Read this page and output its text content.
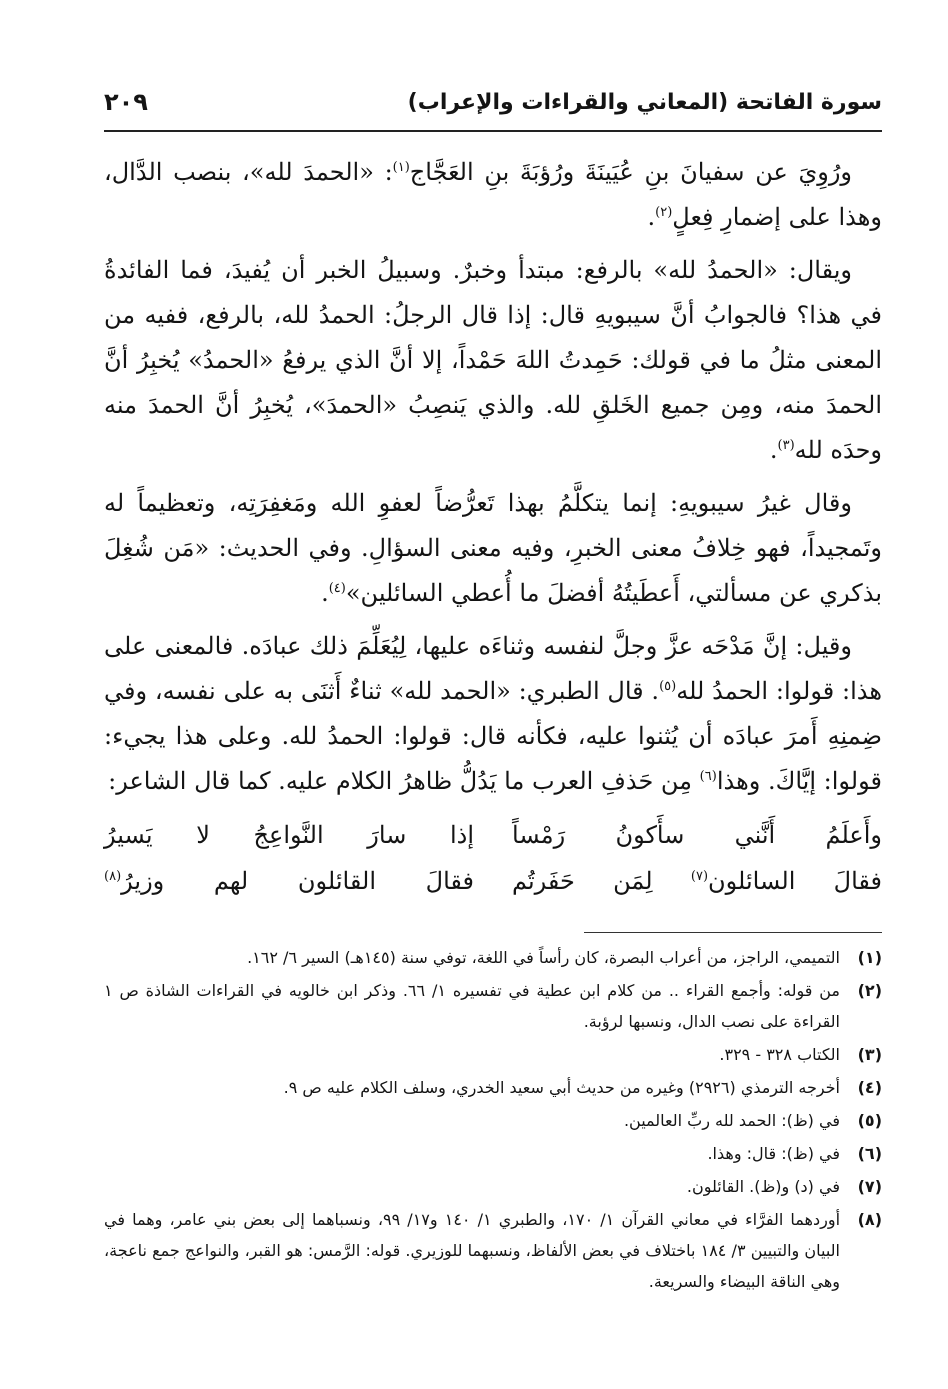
سورة الفاتحة (المعاني والقراءات والإعراب)
٢٠٩

ورُوِيَ عن سفيانَ بنِ عُيَينَةَ ورُؤبَةَ بنِ العَجَّاج$^{(١)}$: «الحمدَ لله»، بنصب الدَّال، وهذا على إضمارِ فِعلٍ$^{(٢)}$.

ويقال: «الحمدُ لله» بالرفع: مبتدأ وخبرٌ. وسبيلُ الخبر أن يُفيدَ، فما الفائدةُ في هذا؟ فالجوابُ أنَّ سيبويهِ قال: إذا قال الرجلُ: الحمدُ لله، بالرفع، ففيه من المعنى مثلُ ما في قولك: حَمِدتُ اللهَ حَمْداً، إلا أنَّ الذي يرفعُ «الحمدُ» يُخبِرُ أنَّ الحمدَ منه، ومِن جميع الخَلقِ لله. والذي يَنصِبُ «الحمدَ»، يُخبِرُ أنَّ الحمدَ منه وحدَه لله$^{(٣)}$.

وقال غيرُ سيبويهِ: إنما يتكلَّمُ بهذا تَعرُّضاً لعفوِ الله ومَغفِرَتِه، وتعظيماً له وتَمجيداً، فهو خِلافُ معنى الخبرِ، وفيه معنى السؤالِ. وفي الحديث: «مَن شُغِلَ بذكري عن مسألتي، أَعطَيتُهُ أفضلَ ما أُعطي السائلين»$^{(٤)}$.

وقيل: إنَّ مَدْحَه عزَّ وجلَّ لنفسه وثناءَه عليها، لِيُعَلِّمَ ذلك عبادَه. فالمعنى على هذا: قولوا: الحمدُ لله$^{(٥)}$. قال الطبري: «الحمد لله» ثناءٌ أَثنَى به على نفسه، وفي ضِمنِهِ أَمرَ عبادَه أن يُثنوا عليه، فكأنه قال: قولوا: الحمدُ لله. وعلى هذا يجيء: قولوا: إيَّاكَ. وهذا$^{(٦)}$ مِن حَذفِ العرب ما يَدُلُّ ظاهرُ الكلام عليه. كما قال الشاعر:

وأَعلَمُ أَنَّني سأَكونُ رَمْساً
إذا سارَ النَّواعِجُ لا يَسيرُ
فقالَ السائلون$^{(٧)}$ لِمَن حَفَرتُم
فقالَ القائلون لهم وزيرُ$^{(٨)}$
(١)
التميمي، الراجز، من أعراب البصرة، كان رأساً في اللغة، توفي سنة (١٤٥هـ) السير ٦/ ١٦٢.
(٢)
من قوله: وأجمع القراء .. من كلام ابن عطية في تفسيره ١/ ٦٦. وذكر ابن خالويه في القراءات الشاذة ص ١ القراءة على نصب الدال، ونسبها لرؤبة.
(٣)
الكتاب ٣٢٨ - ٣٢٩.
(٤)
أخرجه الترمذي (٢٩٢٦) وغيره من حديث أبي سعيد الخدري، وسلف الكلام عليه ص ٩.
(٥)
في (ظ): الحمد لله ربِّ العالمين.
(٦)
في (ظ): قال: وهذا.
(٧)
في (د) و(ظ). القائلون.
(٨)
أوردهما الفرَّاء في معاني القرآن ١/ ١٧٠، والطبري ١/ ١٤٠ و١٧/ ٩٩، ونسباهما إلى بعض بني عامر، وهما في البيان والتبيين ٣/ ١٨٤ باختلاف في بعض الألفاظ، ونسبهما للوزيري. قوله: الرَّمس: هو القبر، والنواعج جمع ناعجة، وهي الناقة البيضاء والسريعة.
